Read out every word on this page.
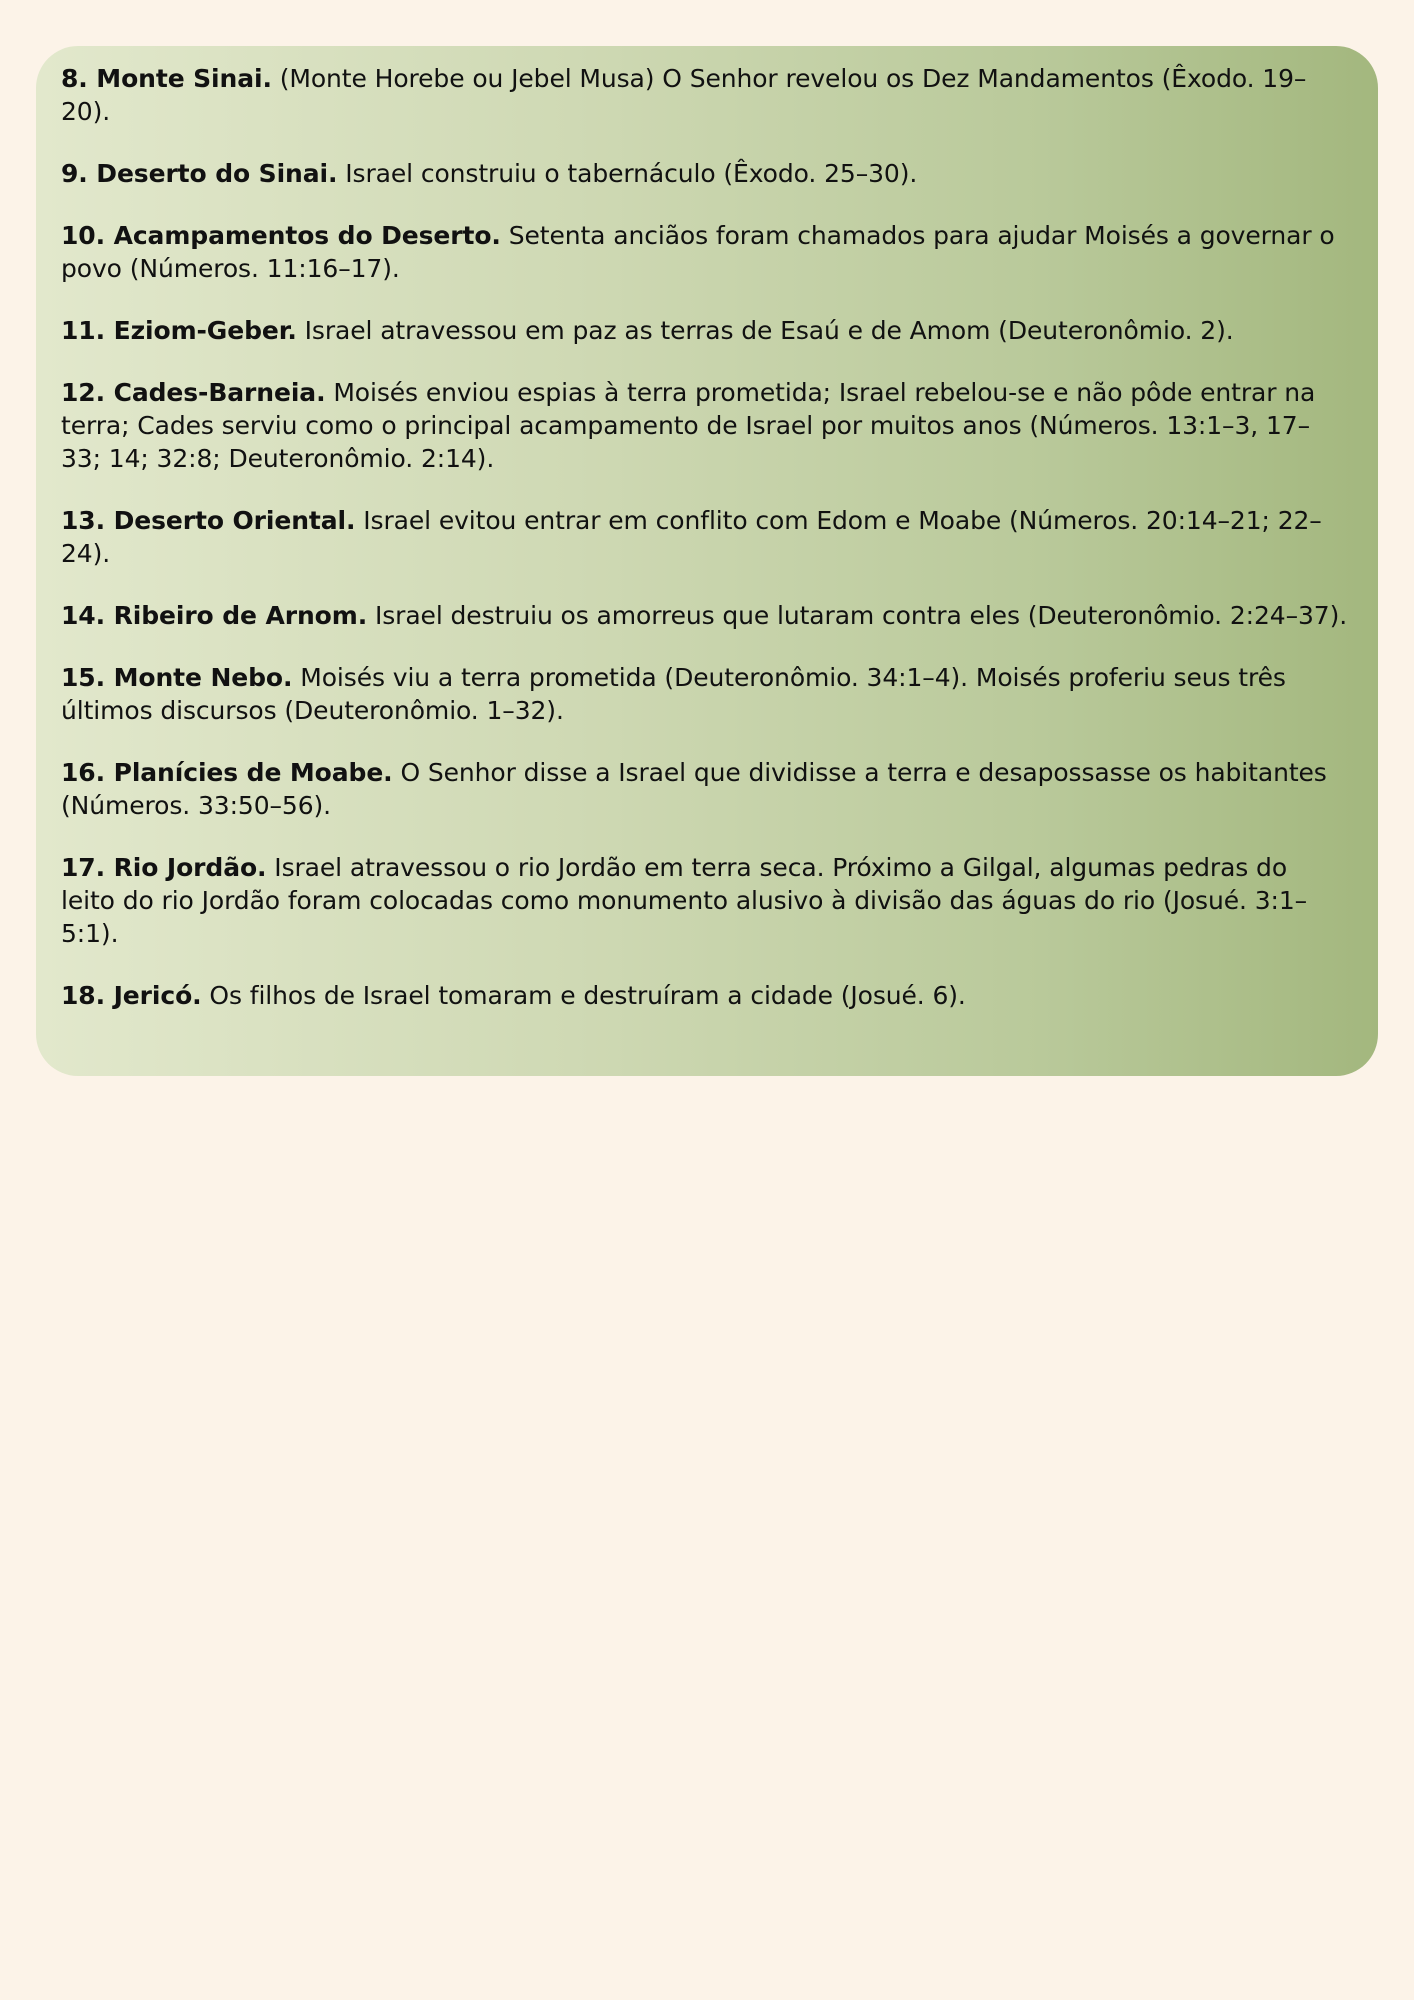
8. Monte Sinai. (Monte Horebe ou Jebel Musa) O Senhor revelou os Dez Mandamentos (Êxodo. 19–20).

9. Deserto do Sinai. Israel construiu o tabernáculo (Êxodo. 25–30).

10. Acampamentos do Deserto. Setenta anciãos foram chamados para ajudar Moisés a governar o povo (Números. 11:16–17).

11. Eziom-Geber. Israel atravessou em paz as terras de Esaú e de Amom (Deuteronômio. 2).

12. Cades-Barneia. Moisés enviou espias à terra prometida; Israel rebelou-se e não pôde entrar na terra; Cades serviu como o principal acampamento de Israel por muitos anos (Números. 13:1–3, 17–33; 14; 32:8; Deuteronômio. 2:14).

13. Deserto Oriental. Israel evitou entrar em conflito com Edom e Moabe (Números. 20:14–21; 22–24).

14. Ribeiro de Arnom. Israel destruiu os amorreus que lutaram contra eles (Deuteronômio. 2:24–37).

15. Monte Nebo. Moisés viu a terra prometida (Deuteronômio. 34:1–4). Moisés proferiu seus três últimos discursos (Deuteronômio. 1–32).

16. Planícies de Moabe. O Senhor disse a Israel que dividisse a terra e desapossasse os habitantes (Números. 33:50–56).

17. Rio Jordão. Israel atravessou o rio Jordão em terra seca. Próximo a Gilgal, algumas pedras do leito do rio Jordão foram colocadas como monumento alusivo à divisão das águas do rio (Josué. 3:1–5:1).

18. Jericó. Os filhos de Israel tomaram e destruíram a cidade (Josué. 6).
